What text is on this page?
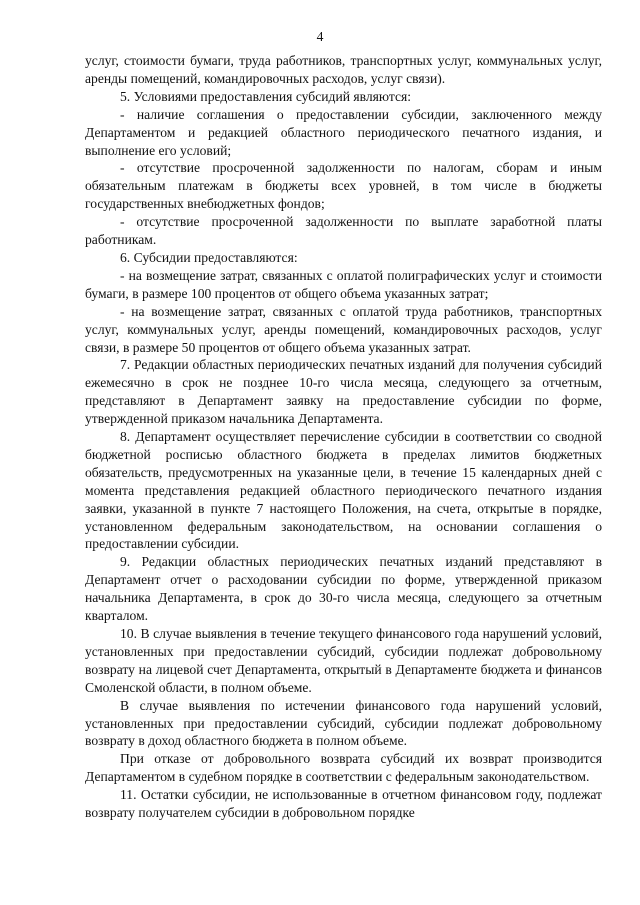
4

услуг, стоимости бумаги, труда работников, транспортных услуг, коммунальных услуг, аренды помещений, командировочных расходов, услуг связи).

5. Условиями предоставления субсидий являются:

- наличие соглашения о предоставлении субсидии, заключенного между Департаментом и редакцией областного периодического печатного издания, и выполнение его условий;

- отсутствие просроченной задолженности по налогам, сборам и иным обязательным платежам в бюджеты всех уровней, в том числе в бюджеты государственных внебюджетных фондов;

- отсутствие просроченной задолженности по выплате заработной платы работникам.

6. Субсидии предоставляются:

- на возмещение затрат, связанных с оплатой полиграфических услуг и стоимости бумаги, в размере 100 процентов от общего объема указанных затрат;

- на возмещение затрат, связанных с оплатой труда работников, транспортных услуг, коммунальных услуг, аренды помещений, командировочных расходов, услуг связи, в размере 50 процентов от общего объема указанных затрат.

7. Редакции областных периодических печатных изданий для получения субсидий ежемесячно в срок не позднее 10-го числа месяца, следующего за отчетным, представляют в Департамент заявку на предоставление субсидии по форме, утвержденной приказом начальника Департамента.

8. Департамент осуществляет перечисление субсидии в соответствии со сводной бюджетной росписью областного бюджета в пределах лимитов бюджетных обязательств, предусмотренных на указанные цели, в течение 15 календарных дней с момента представления редакцией областного периодического печатного издания заявки, указанной в пункте 7 настоящего Положения, на счета, открытые в порядке, установленном федеральным законодательством, на основании соглашения о предоставлении субсидии.

9. Редакции областных периодических печатных изданий представляют в Департамент отчет о расходовании субсидии по форме, утвержденной приказом начальника Департамента, в срок до 30-го числа месяца, следующего за отчетным кварталом.

10. В случае выявления в течение текущего финансового года нарушений условий, установленных при предоставлении субсидий, субсидии подлежат добровольному возврату на лицевой счет Департамента, открытый в Департаменте бюджета и финансов Смоленской области, в полном объеме.

В случае выявления по истечении финансового года нарушений условий, установленных при предоставлении субсидий, субсидии подлежат добровольному возврату в доход областного бюджета в полном объеме.

При отказе от добровольного возврата субсидий их возврат производится Департаментом в судебном порядке в соответствии с федеральным законодательством.

11. Остатки субсидии, не использованные в отчетном финансовом году, подлежат возврату получателем субсидии в добровольном порядке
